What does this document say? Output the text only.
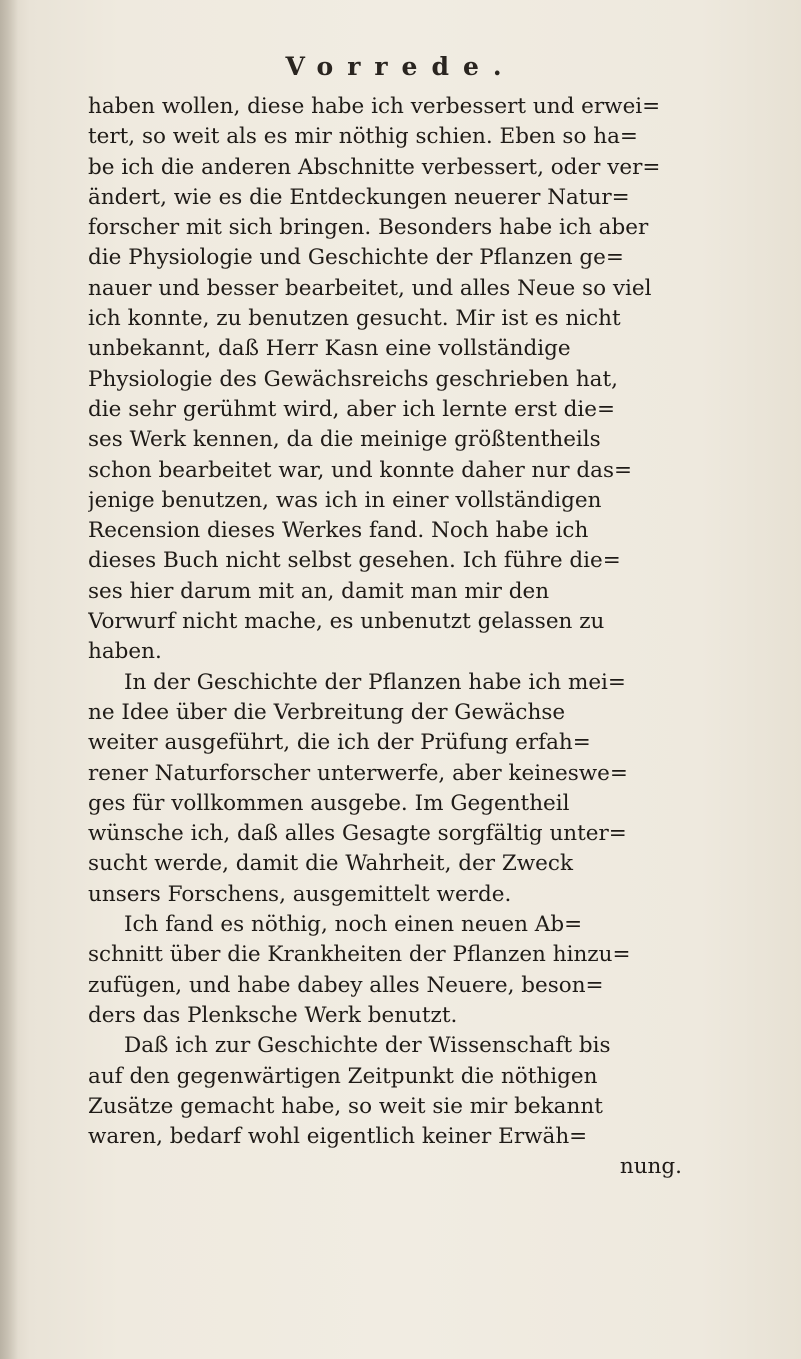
Vorrede.
haben wollen, diese habe ich verbessert und erwei=
tert, so weit als es mir nöthig schien. Eben so ha=
be ich die anderen Abschnitte verbessert, oder ver=
ändert, wie es die Entdeckungen neuerer Natur=
forscher mit sich bringen. Besonders habe ich aber
die Physiologie und Geschichte der Pflanzen ge=
nauer und besser bearbeitet, und alles Neue so viel
ich konnte, zu benutzen gesucht. Mir ist es nicht
unbekannt, daß Herr Kasn eine vollständige
Physiologie des Gewächsreichs geschrieben hat,
die sehr gerühmt wird, aber ich lernte erst die=
ses Werk kennen, da die meinige größtentheils
schon bearbeitet war, und konnte daher nur das=
jenige benutzen, was ich in einer vollständigen
Recension dieses Werkes fand. Noch habe ich
dieses Buch nicht selbst gesehen. Ich führe die=
ses hier darum mit an, damit man mir den
Vorwurf nicht mache, es unbenutzt gelassen zu
haben.
In der Geschichte der Pflanzen habe ich mei=
ne Idee über die Verbreitung der Gewächse
weiter ausgeführt, die ich der Prüfung erfah=
rener Naturforscher unterwerfe, aber keineswe=
ges für vollkommen ausgebe. Im Gegentheil
wünsche ich, daß alles Gesagte sorgfältig unter=
sucht werde, damit die Wahrheit, der Zweck
unsers Forschens, ausgemittelt werde.
Ich fand es nöthig, noch einen neuen Ab=
schnitt über die Krankheiten der Pflanzen hinzu=
zufügen, und habe dabey alles Neuere, beson=
ders das Plenksche Werk benutzt.
Daß ich zur Geschichte der Wissenschaft bis
auf den gegenwärtigen Zeitpunkt die nöthigen
Zusätze gemacht habe, so weit sie mir bekannt
waren, bedarf wohl eigentlich keiner Erwäh=
nung.
